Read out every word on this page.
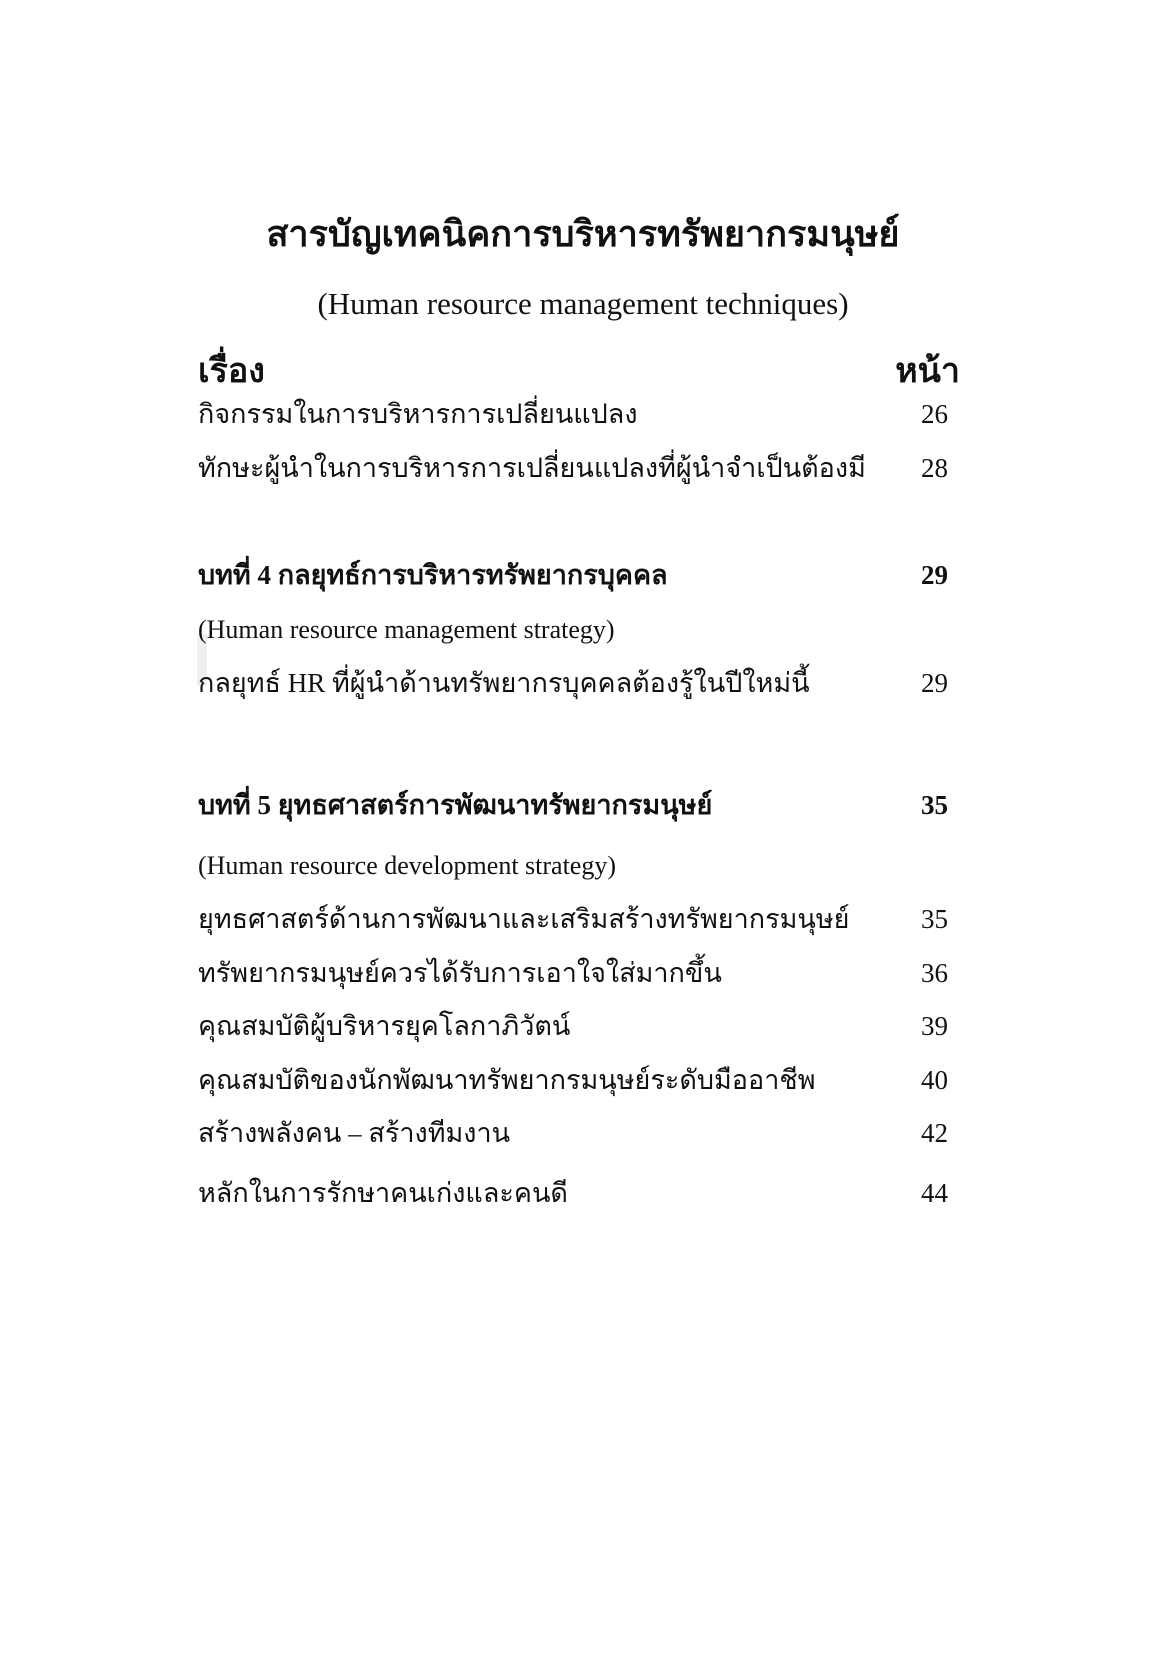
สารบัญเทคนิคการบริหารทรัพยากรมนุษย์
(Human resource management techniques)
เรื่อง	หน้า
กิจกรรมในการบริหารการเปลี่ยนแปลง	26
ทักษะผู้นำในการบริหารการเปลี่ยนแปลงที่ผู้นำจำเป็นต้องมี	28
บทที่ 4 กลยุทธ์การบริหารทรัพยากรบุคคล	29
(Human resource management strategy)
กลยุทธ์ HR ที่ผู้นำด้านทรัพยากรบุคคลต้องรู้ในปีใหม่นี้	29
บทที่ 5 ยุทธศาสตร์การพัฒนาทรัพยากรมนุษย์	35
(Human resource development strategy)
ยุทธศาสตร์ด้านการพัฒนาและเสริมสร้างทรัพยากรมนุษย์	35
ทรัพยากรมนุษย์ควรได้รับการเอาใจใส่มากขึ้น	36
คุณสมบัติผู้บริหารยุคโลกาภิวัตน์	39
คุณสมบัติของนักพัฒนาทรัพยากรมนุษย์ระดับมืออาชีพ	40
สร้างพลังคน – สร้างทีมงาน	42
หลักในการรักษาคนเก่งและคนดี	44
